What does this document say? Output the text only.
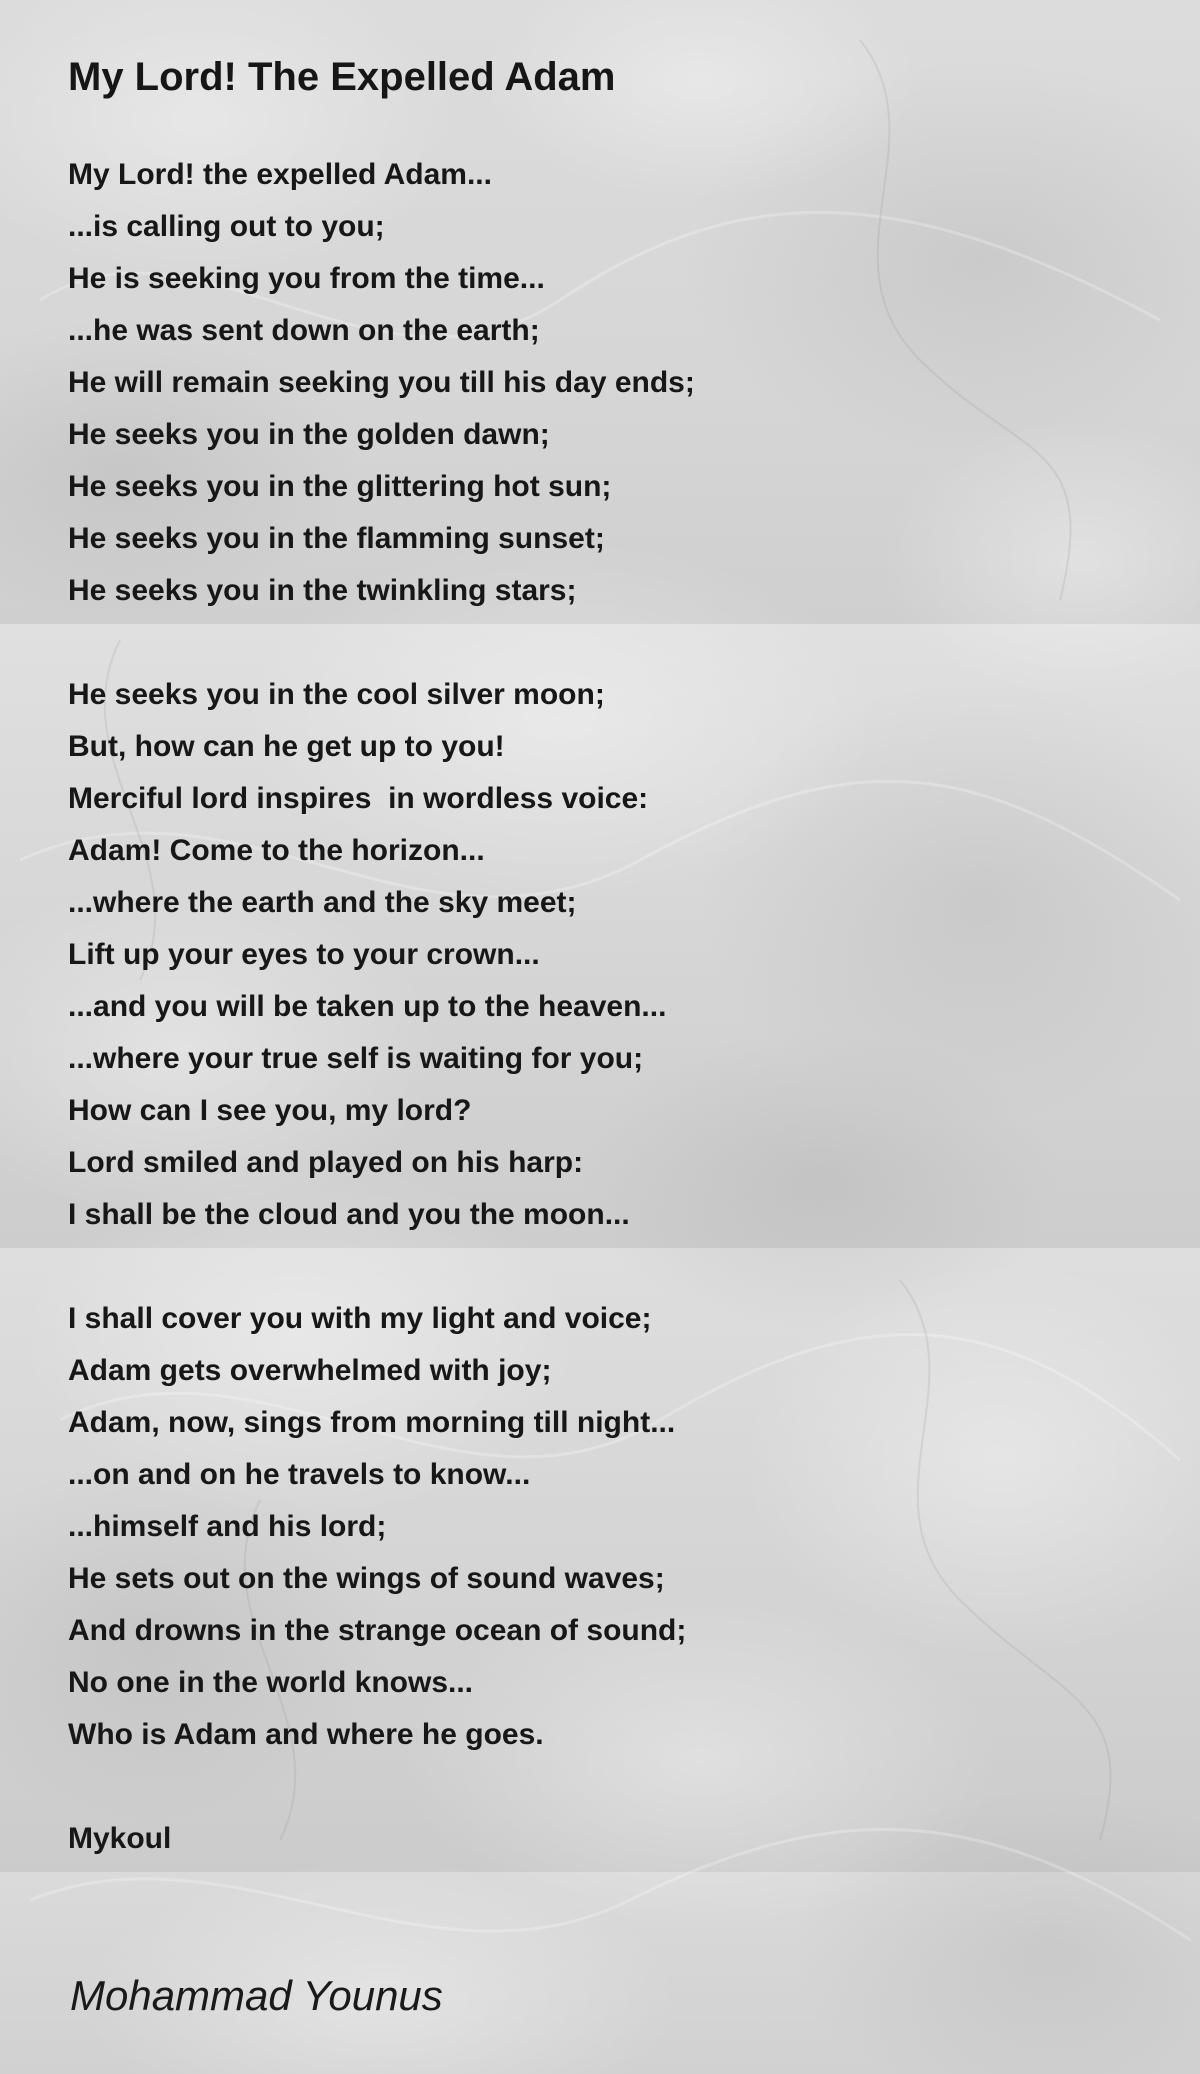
My Lord! The Expelled Adam
My Lord! the expelled Adam...
...is calling out to you;
He is seeking you from the time...
...he was sent down on the earth;
He will remain seeking you till his day ends;
He seeks you in the golden dawn;
He seeks you in the glittering hot sun;
He seeks you in the flamming sunset;
He seeks you in the twinkling stars;
He seeks you in the cool silver moon;
But, how can he get up to you!
Merciful lord inspires  in wordless voice:
Adam! Come to the horizon...
...where the earth and the sky meet;
Lift up your eyes to your crown...
...and you will be taken up to the heaven...
...where your true self is waiting for you;
How can I see you, my lord?
Lord smiled and played on his harp:
I shall be the cloud and you the moon...
I shall cover you with my light and voice;
Adam gets overwhelmed with joy;
Adam, now, sings from morning till night...
...on and on he travels to know...
...himself and his lord;
He sets out on the wings of sound waves;
And drowns in the strange ocean of sound;
No one in the world knows...
Who is Adam and where he goes.
Mykoul
Mohammad Younus
